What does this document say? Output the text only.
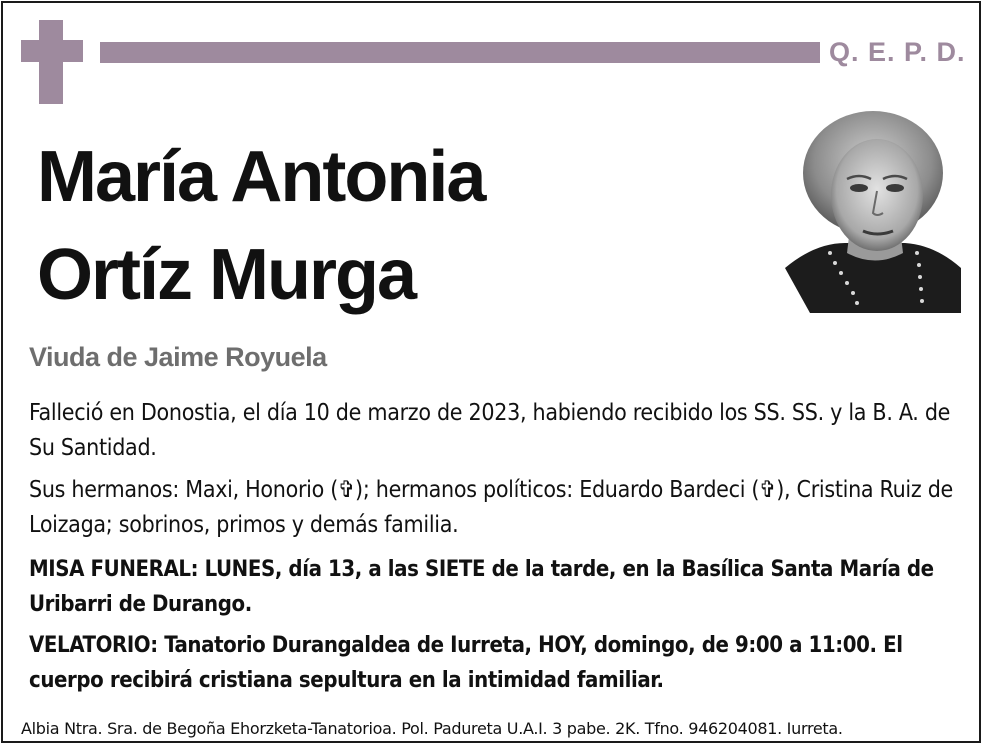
Q. E. P. D.
María Antonia
Ortíz Murga
Viuda de Jaime Royuela
Falleció en Donostia, el día 10 de marzo de 2023, habiendo recibido los SS. SS. y la B. A. de Su Santidad.
Sus hermanos: Maxi, Honorio (✞); hermanos políticos: Eduardo Bardeci (✞), Cristina Ruiz de Loizaga; sobrinos, primos y demás familia.
MISA FUNERAL: LUNES, día 13, a las SIETE de la tarde, en la Basílica Santa María de Uribarri de Durango.
VELATORIO: Tanatorio Durangaldea de Iurreta, HOY, domingo, de 9:00 a 11:00. El cuerpo recibirá cristiana sepultura en la intimidad familiar.
Albia Ntra. Sra. de Begoña Ehorzketa-Tanatorioa. Pol. Padureta U.A.I. 3 pabe. 2K. Tfno. 946204081. Iurreta.
